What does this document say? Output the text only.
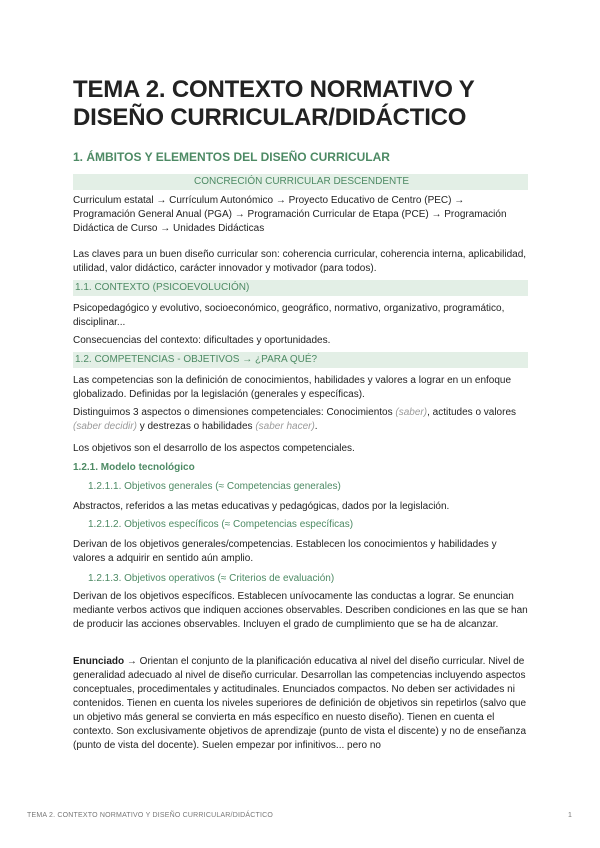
TEMA 2. CONTEXTO NORMATIVO Y DISEÑO CURRICULAR/DIDÁCTICO
1. ÁMBITOS Y ELEMENTOS DEL DISEÑO CURRICULAR
CONCRECIÓN CURRICULAR DESCENDENTE
Curriculum estatal → Currículum Autonómico → Proyecto Educativo de Centro (PEC) → Programación General Anual (PGA) → Programación Curricular de Etapa (PCE) → Programación Didáctica de Curso → Unidades Didácticas
Las claves para un buen diseño curricular son: coherencia curricular, coherencia interna, aplicabilidad, utilidad, valor didáctico, carácter innovador y motivador (para todos).
1.1. CONTEXTO (PSICOEVOLUCIÓN)
Psicopedagógico y evolutivo, socioeconómico, geográfico, normativo, organizativo, programático, disciplinar...
Consecuencias del contexto: dificultades y oportunidades.
1.2. COMPETENCIAS - OBJETIVOS → ¿PARA QUÉ?
Las competencias son la definición de conocimientos, habilidades y valores a lograr en un enfoque globalizado. Definidas por la legislación (generales y específicas).
Distinguimos 3 aspectos o dimensiones competenciales: Conocimientos (saber), actitudes o valores (saber decidir) y destrezas o habilidades (saber hacer).
Los objetivos son el desarrollo de los aspectos competenciales.
1.2.1. Modelo tecnológico
1.2.1.1. Objetivos generales (≈ Competencias generales)
Abstractos, referidos a las metas educativas y pedagógicas, dados por la legislación.
1.2.1.2. Objetivos específicos (≈ Competencias específicas)
Derivan de los objetivos generales/competencias. Establecen los conocimientos y habilidades y valores a adquirir en sentido aún amplio.
1.2.1.3. Objetivos operativos (≈ Criterios de evaluación)
Derivan de los objetivos específicos. Establecen unívocamente las conductas a lograr. Se enuncian mediante verbos activos que indiquen acciones observables. Describen condiciones en las que se han de producir las acciones observables. Incluyen el grado de cumplimiento que se ha de alcanzar.
Enunciado → Orientan el conjunto de la planificación educativa al nivel del diseño curricular. Nivel de generalidad adecuado al nivel de diseño curricular. Desarrollan las competencias incluyendo aspectos conceptuales, procedimentales y actitudinales. Enunciados compactos. No deben ser actividades ni contenidos. Tienen en cuenta los niveles superiores de definición de objetivos sin repetirlos (salvo que un objetivo más general se convierta en más específico en nuesto diseño). Tienen en cuenta el contexto. Son exclusivamente objetivos de aprendizaje (punto de vista el discente) y no de enseñanza (punto de vista del docente). Suelen empezar por infinitivos... pero no
TEMA 2. CONTEXTO NORMATIVO Y DISEÑO CURRICULAR/DIDÁCTICO	1
